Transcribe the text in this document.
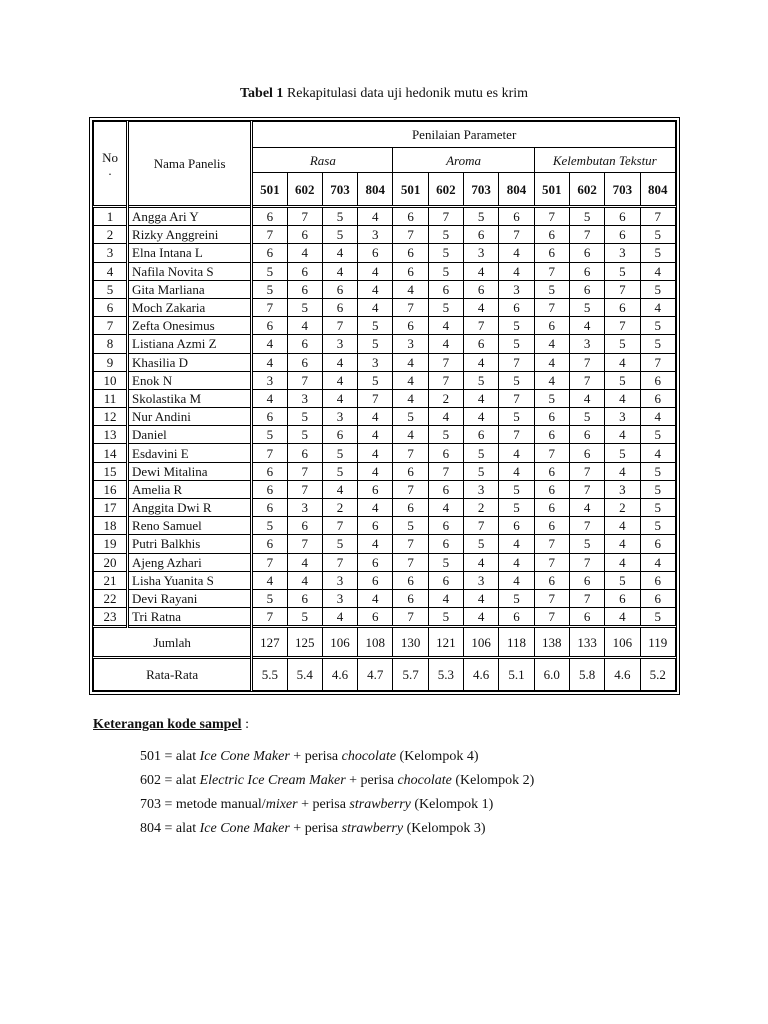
Tabel 1 Rekapitulasi data uji hedonik mutu es krim
No
.	Nama Panelis	Penilaian Parameter											
		Rasa				Aroma				Kelembutan Tekstur			
		501	602	703	804	501	602	703	804	501	602	703	804
1	Angga Ari Y	6	7	5	4	6	7	5	6	7	5	6	7
2	Rizky Anggreini	7	6	5	3	7	5	6	7	6	7	6	5
3	Elna Intana L	6	4	4	6	6	5	3	4	6	6	3	5
4	Nafila Novita S	5	6	4	4	6	5	4	4	7	6	5	4
5	Gita Marliana	5	6	6	4	4	6	6	3	5	6	7	5
6	Moch Zakaria	7	5	6	4	7	5	4	6	7	5	6	4
7	Zefta Onesimus	6	4	7	5	6	4	7	5	6	4	7	5
8	Listiana Azmi Z	4	6	3	5	3	4	6	5	4	3	5	5
9	Khasilia D	4	6	4	3	4	7	4	7	4	7	4	7
10	Enok N	3	7	4	5	4	7	5	5	4	7	5	6
11	Skolastika M	4	3	4	7	4	2	4	7	5	4	4	6
12	Nur Andini	6	5	3	4	5	4	4	5	6	5	3	4
13	Daniel	5	5	6	4	4	5	6	7	6	6	4	5
14	Esdavini E	7	6	5	4	7	6	5	4	7	6	5	4
15	Dewi Mitalina	6	7	5	4	6	7	5	4	6	7	4	5
16	Amelia R	6	7	4	6	7	6	3	5	6	7	3	5
17	Anggita Dwi R	6	3	2	4	6	4	2	5	6	4	2	5
18	Reno Samuel	5	6	7	6	5	6	7	6	6	7	4	5
19	Putri Balkhis	6	7	5	4	7	6	5	4	7	5	4	6
20	Ajeng Azhari	7	4	7	6	7	5	4	4	7	7	4	4
21	Lisha Yuanita S	4	4	3	6	6	6	3	4	6	6	5	6
22	Devi Rayani	5	6	3	4	6	4	4	5	7	7	6	6
23	Tri Ratna	7	5	4	6	7	5	4	6	7	6	4	5
Jumlah		127	125	106	108	130	121	106	118	138	133	106	119
Rata-Rata		5.5	5.4	4.6	4.7	5.7	5.3	4.6	5.1	6.0	5.8	4.6	5.2
Keterangan kode sampel :
501 = alat Ice Cone Maker + perisa chocolate (Kelompok 4)
602 = alat Electric Ice Cream Maker + perisa chocolate (Kelompok 2)
703 = metode manual/mixer + perisa strawberry (Kelompok 1)
804 = alat Ice Cone Maker + perisa strawberry (Kelompok 3)
